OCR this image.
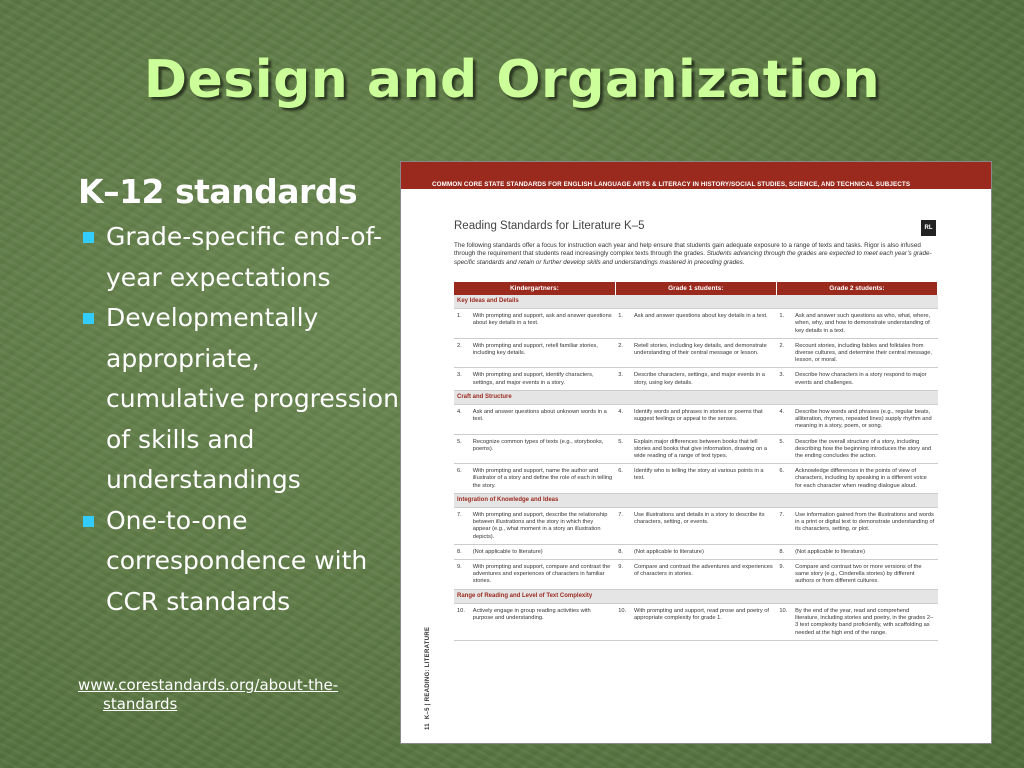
Design and Organization
K–12 standards
Grade-specific end-of-year expectations
Developmentally appropriate, cumulative progression of skills and understandings
One-to-one correspondence with CCR standards
www.corestandards.org/about-the-
standards
COMMON CORE STATE STANDARDS FOR ENGLISH LANGUAGE ARTS & LITERACY IN HISTORY/SOCIAL STUDIES, SCIENCE, AND TECHNICAL SUBJECTS
Reading Standards for Literature K–5	RL
The following standards offer a focus for instruction each year and help ensure that students gain adequate exposure to a range of texts and tasks. Rigor is also infused through the requirement that students read increasingly complex texts through the grades. Students advancing through the grades are expected to meet each year’s grade-specific standards and retain or further develop skills and understandings mastered in preceding grades.
Kindergartners:		Grade 1 students:		Grade 2 students:	
Key Ideas and Details					
1.	With prompting and support, ask and answer questions about key details in a text.	1.	Ask and answer questions about key details in a text.	1.	Ask and answer such questions as who, what, where, when, why, and how to demonstrate understanding of key details in a text.
2.	With prompting and support, retell familiar stories, including key details.	2.	Retell stories, including key details, and demonstrate understanding of their central message or lesson.	2.	Recount stories, including fables and folktales from diverse cultures, and determine their central message, lesson, or moral.
3.	With prompting and support, identify characters, settings, and major events in a story.	3.	Describe characters, settings, and major events in a story, using key details.	3.	Describe how characters in a story respond to major events and challenges.
Craft and Structure					
4.	Ask and answer questions about unknown words in a text.	4.	Identify words and phrases in stories or poems that suggest feelings or appeal to the senses.	4.	Describe how words and phrases (e.g., regular beats, alliteration, rhymes, repeated lines) supply rhythm and meaning in a story, poem, or song.
5.	Recognize common types of texts (e.g., storybooks, poems).	5.	Explain major differences between books that tell stories and books that give information, drawing on a wide reading of a range of text types.	5.	Describe the overall structure of a story, including describing how the beginning introduces the story and the ending concludes the action.
6.	With prompting and support, name the author and illustrator of a story and define the role of each in telling the story.	6.	Identify who is telling the story at various points in a text.	6.	Acknowledge differences in the points of view of characters, including by speaking in a different voice for each character when reading dialogue aloud.
Integration of Knowledge and Ideas					
7.	With prompting and support, describe the relationship between illustrations and the story in which they appear (e.g., what moment in a story an illustration depicts).	7.	Use illustrations and details in a story to describe its characters, setting, or events.	7.	Use information gained from the illustrations and words in a print or digital text to demonstrate understanding of its characters, setting, or plot.
8.	(Not applicable to literature)	8.	(Not applicable to literature)	8.	(Not applicable to literature)
9.	With prompting and support, compare and contrast the adventures and experiences of characters in familiar stories.	9.	Compare and contrast the adventures and experiences of characters in stories.	9.	Compare and contrast two or more versions of the same story (e.g., Cinderella stories) by different authors or from different cultures.
Range of Reading and Level of Text Complexity					
10.	Actively engage in group reading activities with purpose and understanding.	10.	With prompting and support, read prose and poetry of appropriate complexity for grade 1.	10.	By the end of the year, read and comprehend literature, including stories and poetry, in the grades 2–3 text complexity band proficiently, with scaffolding as needed at the high end of the range.
11  K–5 | READING: LITERATURE
